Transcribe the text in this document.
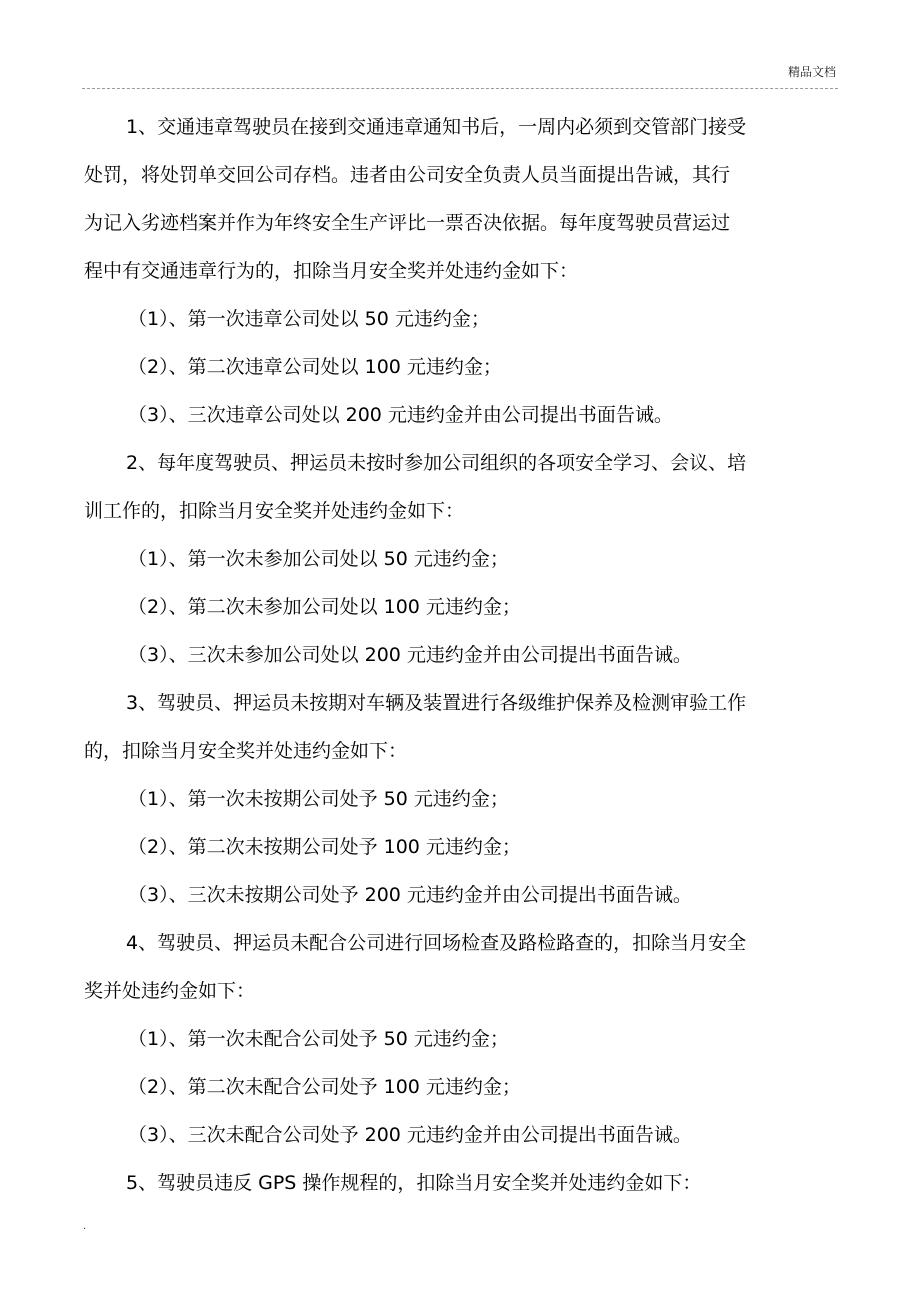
精品文档
1、交通违章驾驶员在接到交通违章通知书后，一周内必须到交管部门接受
处罚，将处罚单交回公司存档。违者由公司安全负责人员当面提出告诫，其行
为记入劣迹档案并作为年终安全生产评比一票否决依据。每年度驾驶员营运过
程中有交通违章行为的，扣除当月安全奖并处违约金如下：
（1）、第一次违章公司处以 50 元违约金；
（2）、第二次违章公司处以 100 元违约金；
（3）、三次违章公司处以 200 元违约金并由公司提出书面告诫。
2、每年度驾驶员、押运员未按时参加公司组织的各项安全学习、会议、培
训工作的，扣除当月安全奖并处违约金如下：
（1）、第一次未参加公司处以 50 元违约金；
（2）、第二次未参加公司处以 100 元违约金；
（3）、三次未参加公司处以 200 元违约金并由公司提出书面告诫。
3、驾驶员、押运员未按期对车辆及装置进行各级维护保养及检测审验工作
的，扣除当月安全奖并处违约金如下：
（1）、第一次未按期公司处予 50 元违约金；
（2）、第二次未按期公司处予 100 元违约金；
（3）、三次未按期公司处予 200 元违约金并由公司提出书面告诫。
4、驾驶员、押运员未配合公司进行回场检查及路检路查的，扣除当月安全
奖并处违约金如下：
（1）、第一次未配合公司处予 50 元违约金；
（2）、第二次未配合公司处予 100 元违约金；
（3）、三次未配合公司处予 200 元违约金并由公司提出书面告诫。
5、驾驶员违反 GPS 操作规程的，扣除当月安全奖并处违约金如下：
.
